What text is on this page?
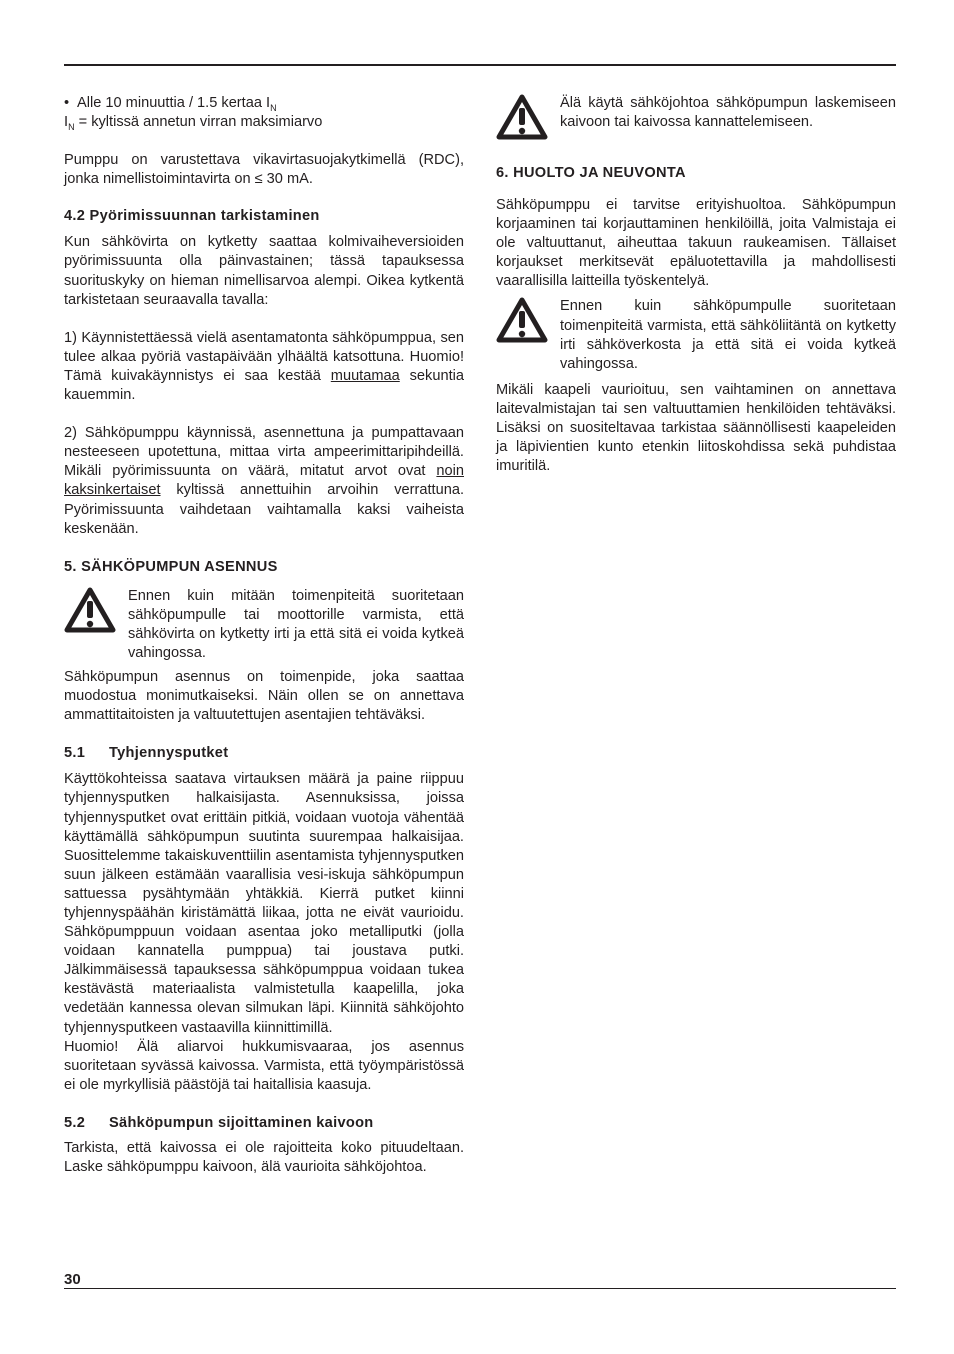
• Alle 10 minuuttia / 1.5 kertaa $I_N$

$I_N$ = kyltissä annetun virran maksimiarvo

Pumppu on varustettava vikavirtasuojakytkimellä (RDC), jonka nimellistoimintavirta on ≤ 30 mA.

4.2 Pyörimissuunnan tarkistaminen

Kun sähkövirta on kytketty saattaa kolmivaiheversioiden pyörimissuunta olla päinvastainen; tässä tapauksessa suorituskyky on hieman nimellisarvoa alempi. Oikea kytkentä tarkistetaan seuraavalla tavalla:

1) Käynnistettäessä vielä asentamatonta sähköpumppua, sen tulee alkaa pyöriä vastapäivään ylhäältä katsottuna. Huomio! Tämä kuivakäynnistys ei saa kestää muutamaa sekuntia kauemmin.

2) Sähköpumppu käynnissä, asennettuna ja pumpattavaan nesteeseen upotettuna, mittaa virta ampeerimittaripihdeillä. Mikäli pyörimissuunta on väärä, mitatut arvot ovat noin kaksinkertaiset kyltissä annettuihin arvoihin verrattuna. Pyörimissuunta vaihdetaan vaihtamalla kaksi vaiheista keskenään.

5. SÄHKÖPUMPUN ASENNUS

Ennen kuin mitään toimenpiteitä suoritetaan sähköpumpulle tai moottorille varmista, että sähkövirta on kytketty irti ja että sitä ei voida kytkeä vahingossa.

Sähköpumpun asennus on toimenpide, joka saattaa muodostua monimutkaiseksi. Näin ollen se on annettava ammattitaitoisten ja valtuutettujen asentajien tehtäväksi.

5.1 Tyhjennysputket

Käyttökohteissa saatava virtauksen määrä ja paine riippuu tyhjennysputken halkaisijasta. Asennuksissa, joissa tyhjennysputket ovat erittäin pitkiä, voidaan vuotoja vähentää käyttämällä sähköpumpun suutinta suurempaa halkaisijaa. Suosittelemme takaiskuventtiilin asentamista tyhjennysputken suun jälkeen estämään vaarallisia vesi-iskuja sähköpumpun sattuessa pysähtymään yhtäkkiä. Kierrä putket kiinni tyhjennyspäähän kiristämättä liikaa, jotta ne eivät vaurioidu. Sähköpumppuun voidaan asentaa joko metalliputki (jolla voidaan kannatella pumppua) tai joustava putki. Jälkimmäisessä tapauksessa sähköpumppua voidaan tukea kestävästä materiaalista valmistetulla kaapelilla, joka vedetään kannessa olevan silmukan läpi. Kiinnitä sähköjohto tyhjennysputkeen vastaavilla kiinnittimillä.

Huomio! Älä aliarvoi hukkumisvaaraa, jos asennus suoritetaan syvässä kaivossa. Varmista, että työympäristössä ei ole myrkyllisiä päästöjä tai haitallisia kaasuja.

5.2 Sähköpumpun sijoittaminen kaivoon

Tarkista, että kaivossa ei ole rajoitteita koko pituudeltaan. Laske sähköpumppu kaivoon, älä vaurioita sähköjohtoa.

Älä käytä sähköjohtoa sähköpumpun laskemiseen kaivoon tai kaivossa kannattelemiseen.

6. HUOLTO JA NEUVONTA

Sähköpumppu ei tarvitse erityishuoltoa. Sähköpumpun korjaaminen tai korjauttaminen henkilöillä, joita Valmistaja ei ole valtuuttanut, aiheuttaa takuun raukeamisen. Tällaiset korjaukset merkitsevät epäluotettavilla ja mahdollisesti vaarallisilla laitteilla työskentelyä.

Ennen kuin sähköpumpulle suoritetaan toimenpiteitä varmista, että sähköliitäntä on kytketty irti sähköverkosta ja että sitä ei voida kytkeä vahingossa.

Mikäli kaapeli vaurioituu, sen vaihtaminen on annettava laitevalmistajan tai sen valtuuttamien henkilöiden tehtäväksi. Lisäksi on suositeltavaa tarkistaa säännöllisesti kaapeleiden ja läpivientien kunto etenkin liitoskohdissa sekä puhdistaa imuritilä.

30
